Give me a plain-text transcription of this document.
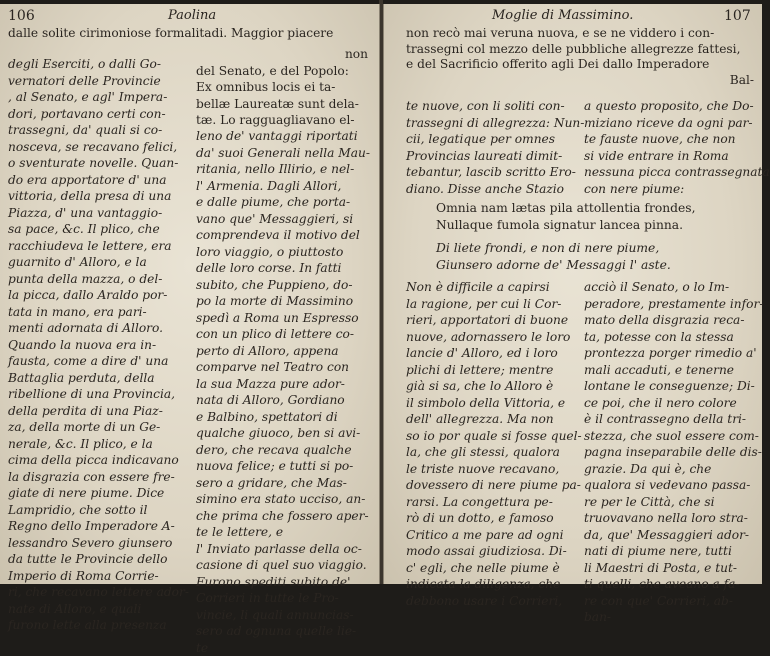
106	Paolina
dalle solite cirimoniose formalitadi. Maggior piacere
degli Eserciti, o dalli Go-
vernatori delle Provincie
, al Senato, e agl' Impera-
dori, portavano certi con-
trassegni, da' quali si co-
nosceva, se recavano felici,
o sventurate novelle. Quan-
do era apportatore d' una
vittoria, della presa di una
Piazza, d' una vantaggio-
sa pace, &c. Il plico, che
racchiudeva le lettere, era
guarnito d' Alloro, e la
punta della mazza, o del-
la picca, dallo Araldo por-
tata in mano, era pari-
menti adornata di Alloro.
Quando la nuova era in-
fausta, come a dire d' una
Battaglia perduta, della
ribellione di una Provincia,
della perdita di una Piaz-
za, della morte di un Ge-
nerale, &c. Il plico, e la
cima della picca indicavano
la disgrazia con essere fre-
giate di nere piume. Dice
Lampridio, che sotto il
Regno dello Imperadore A-
lessandro Severo giunsero
da tutte le Provincie dello
Imperio di Roma Corrie-
ri, che recavano lettere ador-
nate di Alloro, e quali
furono lette alla presenza
non
del Senato, e del Popolo:
Ex omnibus locis ei ta-
bellæ Laureatæ sunt dela-
tæ. Lo ragguagliavano el-
leno de' vantaggi riportati
da' suoi Generali nella Mau-
ritania, nello Illirio, e nel-
l' Armenia. Dagli Allori,
e dalle piume, che porta-
vano que' Messaggieri, si
comprendeva il motivo del
loro viaggio, o piuttosto
delle loro corse. In fatti
subito, che Puppieno, do-
po la morte di Massimino
spedì a Roma un Espresso
con un plico di lettere co-
perto di Alloro, appena
comparve nel Teatro con
la sua Mazza pure ador-
nata di Alloro, Gordiano
e Balbino, spettatori di
qualche giuoco, ben si avi-
dero, che recava qualche
nuova felice; e tutti si po-
sero a gridare, che Mas-
simino era stato ucciso, an-
che prima che fossero aper-
te le lettere, e
l' Inviato parlasse della oc-
casione di quel suo viaggio.
Furono spediti subito de'
Corrieri in tutte le Pro-
vincie, li quali annuncias-
sero ad ognuna quelle lie-
te
Moglie di Massimino.	107
non recò mai veruna nuova, e se ne viddero i con-
trassegni col mezzo delle pubbliche allegrezze fattesi,
e del Sacrificio offerito agli Dei dallo Imperadore
Bal-
te nuove, con li soliti con-
trassegni di allegrezza: Nun-
cii, legatique per omnes
Provincias laureati dimit-
tebantur, lascib scritto Ero-
diano. Disse anche Stazio
a questo proposito, che Do-
miziano riceve da ogni par-
te fauste nuove, che non
si vide entrare in Roma
nessuna picca contrassegnata
con nere piume:
Omnia nam lætas pila attollentia frondes,
Nullaque fumola signatur lancea pinna.
Di liete frondi, e non di nere piume,
Giunsero adorne de' Messaggi l' aste.
Non è difficile a capirsi
la ragione, per cui li Cor-
rieri, apportatori di buone
nuove, adornassero le loro
lancie d' Alloro, ed i loro
plichi di lettere; mentre
già si sa, che lo Alloro è
il simbolo della Vittoria, e
dell' allegrezza. Ma non
so io por quale si fosse quel-
la, che gli stessi, qualora
le triste nuove recavano,
dovessero di nere piume pa-
rarsi. La congettura pe-
rò di un dotto, e famoso
Critico a me pare ad ogni
modo assai giudiziosa. Di-
c' egli, che nelle piume è
indicata la diligenza, che
debbono usare i Corrieri,
acciò il Senato, o lo Im-
peradore, prestamente infor-
mato della disgrazia reca-
ta, potesse con la stessa
prontezza porger rimedio a'
mali accaduti, e tenerne
lontane le conseguenze; Di-
ce poi, che il nero colore
è il contrassegno della tri-
stezza, che suol essere com-
pagna inseparabile delle dis-
grazie. Da qui è, che
qualora si vedevano passa-
re per le Città, che si
truovavano nella loro stra-
da, que' Messaggieri ador-
nati di piume nere, tutti
li Maestri di Posta, e tut-
ti quelli, che aveano a fa-
re con que' Corrieri, ab-
ban-
